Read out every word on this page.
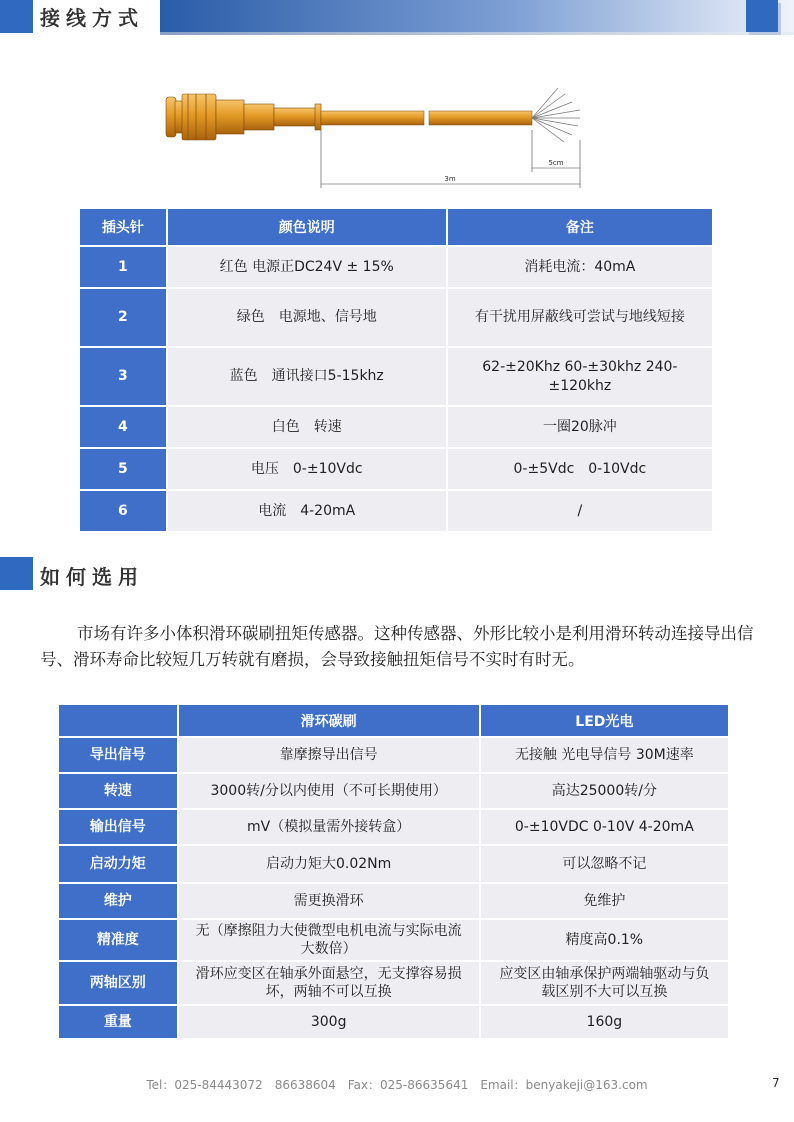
接线方式
3m
5cm
插头针	颜色说明	备注
1	红色 电源正DC24V ± 15%	消耗电流：40mA
2	绿色　电源地、信号地	有干扰用屏蔽线可尝试与地线短接
3	蓝色　通讯接口5-15khz	62-±20Khz 60-±30khz 240-±120khz
4	白色　转速	一圈20脉冲
5	电压　0-±10Vdc	0-±5Vdc　0-10Vdc
6	电流　4-20mA	/
如何选用

市场有许多小体积滑环碳刷扭矩传感器。这种传感器、外形比较小是利用滑环转动连接导出信号、滑环寿命比较短几万转就有磨损，会导致接触扭矩信号不实时有时无。

	滑环碳刷	LED光电
导出信号	靠摩擦导出信号	无接触 光电导信号 30M速率
转速	3000转/分以内使用（不可长期使用）	高达25000转/分
输出信号	mV（模拟量需外接转盒）	0-±10VDC 0-10V 4-20mA
启动力矩	启动力矩大0.02Nm	可以忽略不记
维护	需更换滑环	免维护
精准度	无（摩擦阻力大使微型电机电流与实际电流大数倍）	精度高0.1%
两轴区别	滑环应变区在轴承外面悬空，无支撑容易损坏，两轴不可以互换	应变区由轴承保护两端轴驱动与负载区别不大可以互换
重量	300g	160g
Tel：025-84443072　86638604　Fax：025-86635641　Email：benyakeji@163.com	7
